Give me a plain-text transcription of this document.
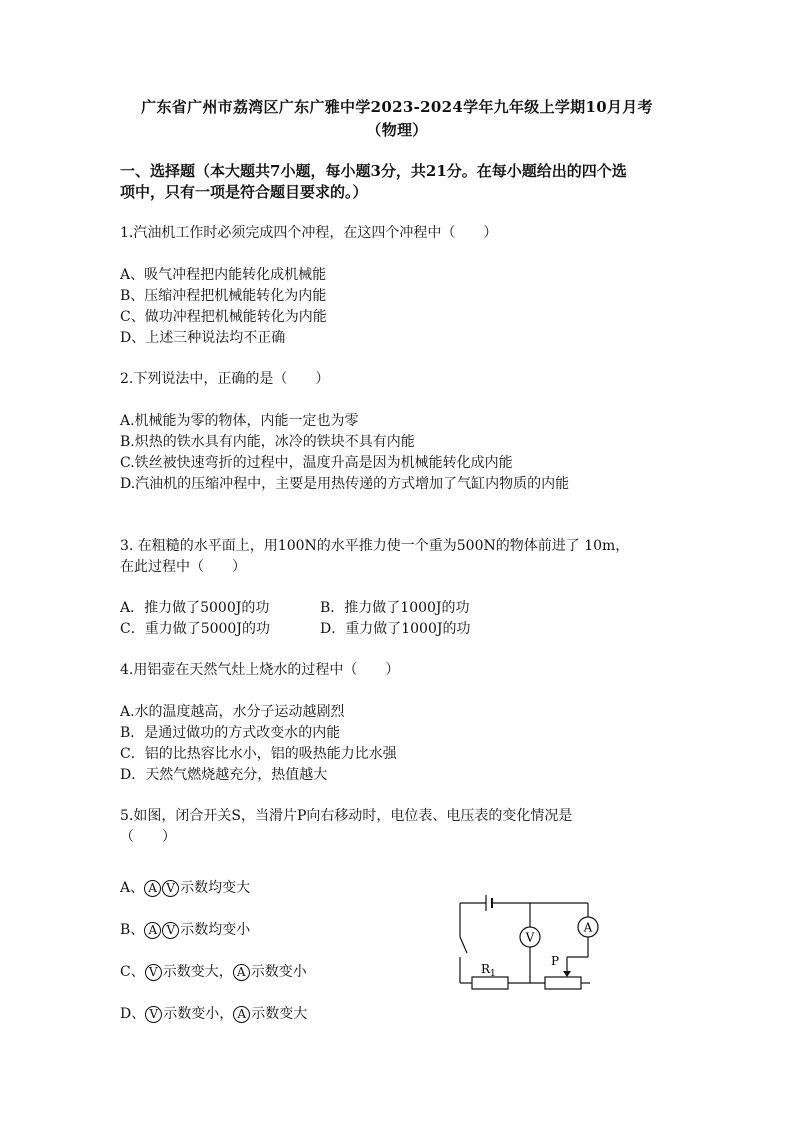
广东省广州市荔湾区广东广雅中学2023-2024学年九年级上学期10月月考
（物理）
一、选择题（本大题共7小题，每小题3分，共21分。在每小题给出的四个选
项中，只有一项是符合题目要求的。）
1.汽油机工作时必须完成四个冲程，在这四个冲程中（　　）
A、吸气冲程把内能转化成机械能
B、压缩冲程把机械能转化为内能
C、做功冲程把机械能转化为内能
D、上述三种说法均不正确
2.下列说法中，正确的是（　　）
A.机械能为零的物体，内能一定也为零
B.炽热的铁水具有内能，冰冷的铁块不具有内能
C.铁丝被快速弯折的过程中，温度升高是因为机械能转化成内能
D.汽油机的压缩冲程中，主要是用热传递的方式增加了气缸内物质的内能
3. 在粗糙的水平面上，用100N的水平推力使一个重为500N的物体前进了 10m，
在此过程中（　　）
A．推力做了5000J的功	B．推力做了1000J的功
C．重力做了5000J的功	D．重力做了1000J的功
4.用铝壶在天然气灶上烧水的过程中（　　）
A.水的温度越高，水分子运动越剧烈
B．是通过做功的方式改变水的内能
C．铝的比热容比水小，铝的吸热能力比水强
D．天然气燃烧越充分，热值越大
5.如图，闭合开关S，当滑片P向右移动时，电位表、电压表的变化情况是
（　　）
A、 A V 示数均变大
B、 A V 示数均变小
C、 V 示数变大， A 示数变小
D、 V 示数变小， A 示数变大
V
A
$R_1$
P
